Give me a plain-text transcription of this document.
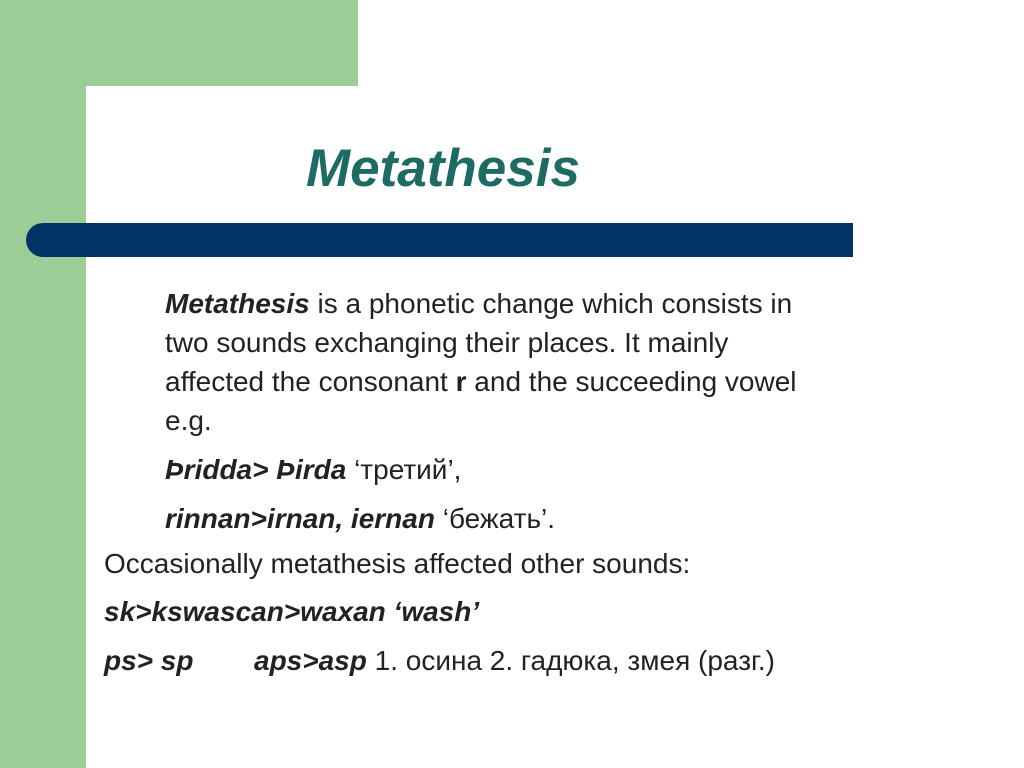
Metathesis
Metathesis is a phonetic change which consists in
two sounds exchanging their places. It mainly
affected the consonant r and the succeeding vowel
e.g.
Þridda> Þirda ‘третий’,
rinnan>irnan, iernan ‘бежать’.
Occasionally metathesis affected other sounds:
sk>kswascan>waxan ‘wash’
ps> sp aps>asp 1. осина 2. гадюка, змея (разг.)
